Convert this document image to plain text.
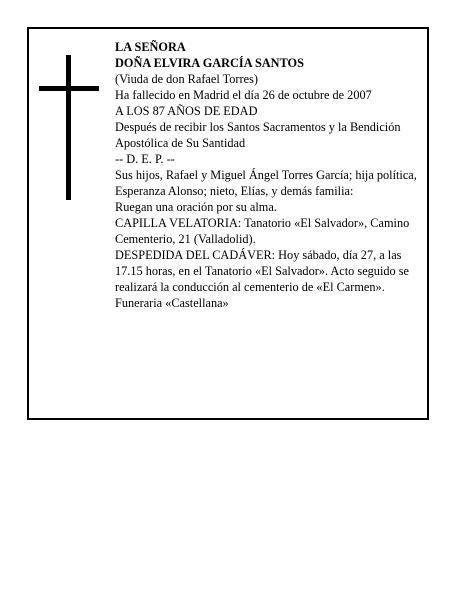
LA SEÑORA

DOÑA ELVIRA GARCÍA SANTOS

(Viuda de don Rafael Torres)

Ha fallecido en Madrid el día 26 de octubre de 2007

A LOS 87 AÑOS DE EDAD

Después de recibir los Santos Sacramentos y la Bendición Apostólica de Su Santidad

-- D. E. P. --

Sus hijos, Rafael y Miguel Ángel Torres García; hija política, Esperanza Alonso; nieto, Elías, y demás familia:

Ruegan una oración por su alma.

CAPILLA VELATORIA: Tanatorio «El Salvador», Camino Cementerio, 21 (Valladolid).

DESPEDIDA DEL CADÁVER: Hoy sábado, día 27, a las 17.15 horas, en el Tanatorio «El Salvador». Acto seguido se realizará la conducción al cementerio de «El Carmen».

Funeraria «Castellana»
